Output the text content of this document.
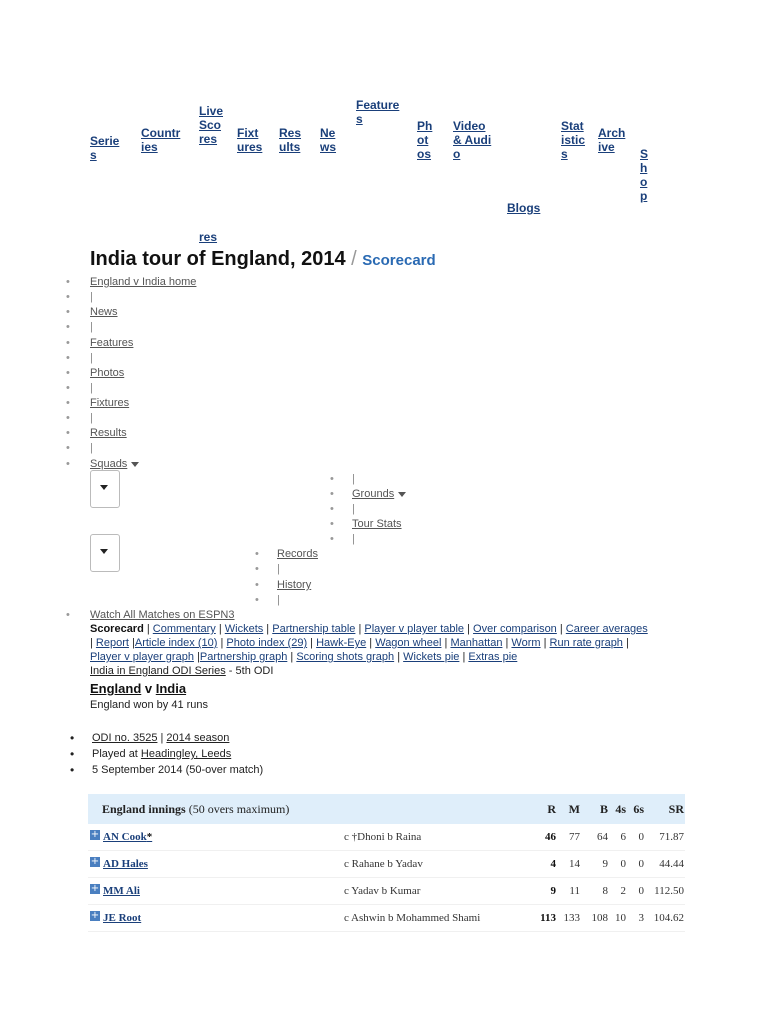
Series
Countries
Live Scores	Fixtures
Results
News
Features	Photos
Video & Audio
Blogs
Statistics
Archive	Shop
res
India tour of England, 2014 / Scorecard
• England v India home
• |
• News
• |
• Features
• |
• Photos
• |
• Fixtures
• |
• Results
• |
• Squads
• |
• Grounds
• |
• Tour Stats
• |
• Records
• |
• History
• |
• Watch All Matches on ESPN3
Scorecard | Commentary | Wickets | Partnership table | Player v player table | Over comparison | Career averages | Report |Article index (10) | Photo index (29) | Hawk-Eye | Wagon wheel | Manhattan | Worm | Run rate graph | Player v player graph |Partnership graph | Scoring shots graph | Wickets pie | Extras pie
India in England ODI Series - 5th ODI
England v India
England won by 41 runs
• ODI no. 3525 | 2014 season
• Played at Headingley, Leeds
• 5 September 2014 (50-over match)
England innings (50 overs maximum)	R	M	B 4s 6s	SR
+ AN Cook*	c †Dhoni b Raina	46	77	64	6	0	71.87
+ AD Hales	c Rahane b Yadav	4	14	9	0	0	44.44
+ MM Ali	c Yadav b Kumar	9	11	8	2	0 112.50
+ JE Root	c Ashwin b Mohammed Shami	113 133	108 10	3 104.62
